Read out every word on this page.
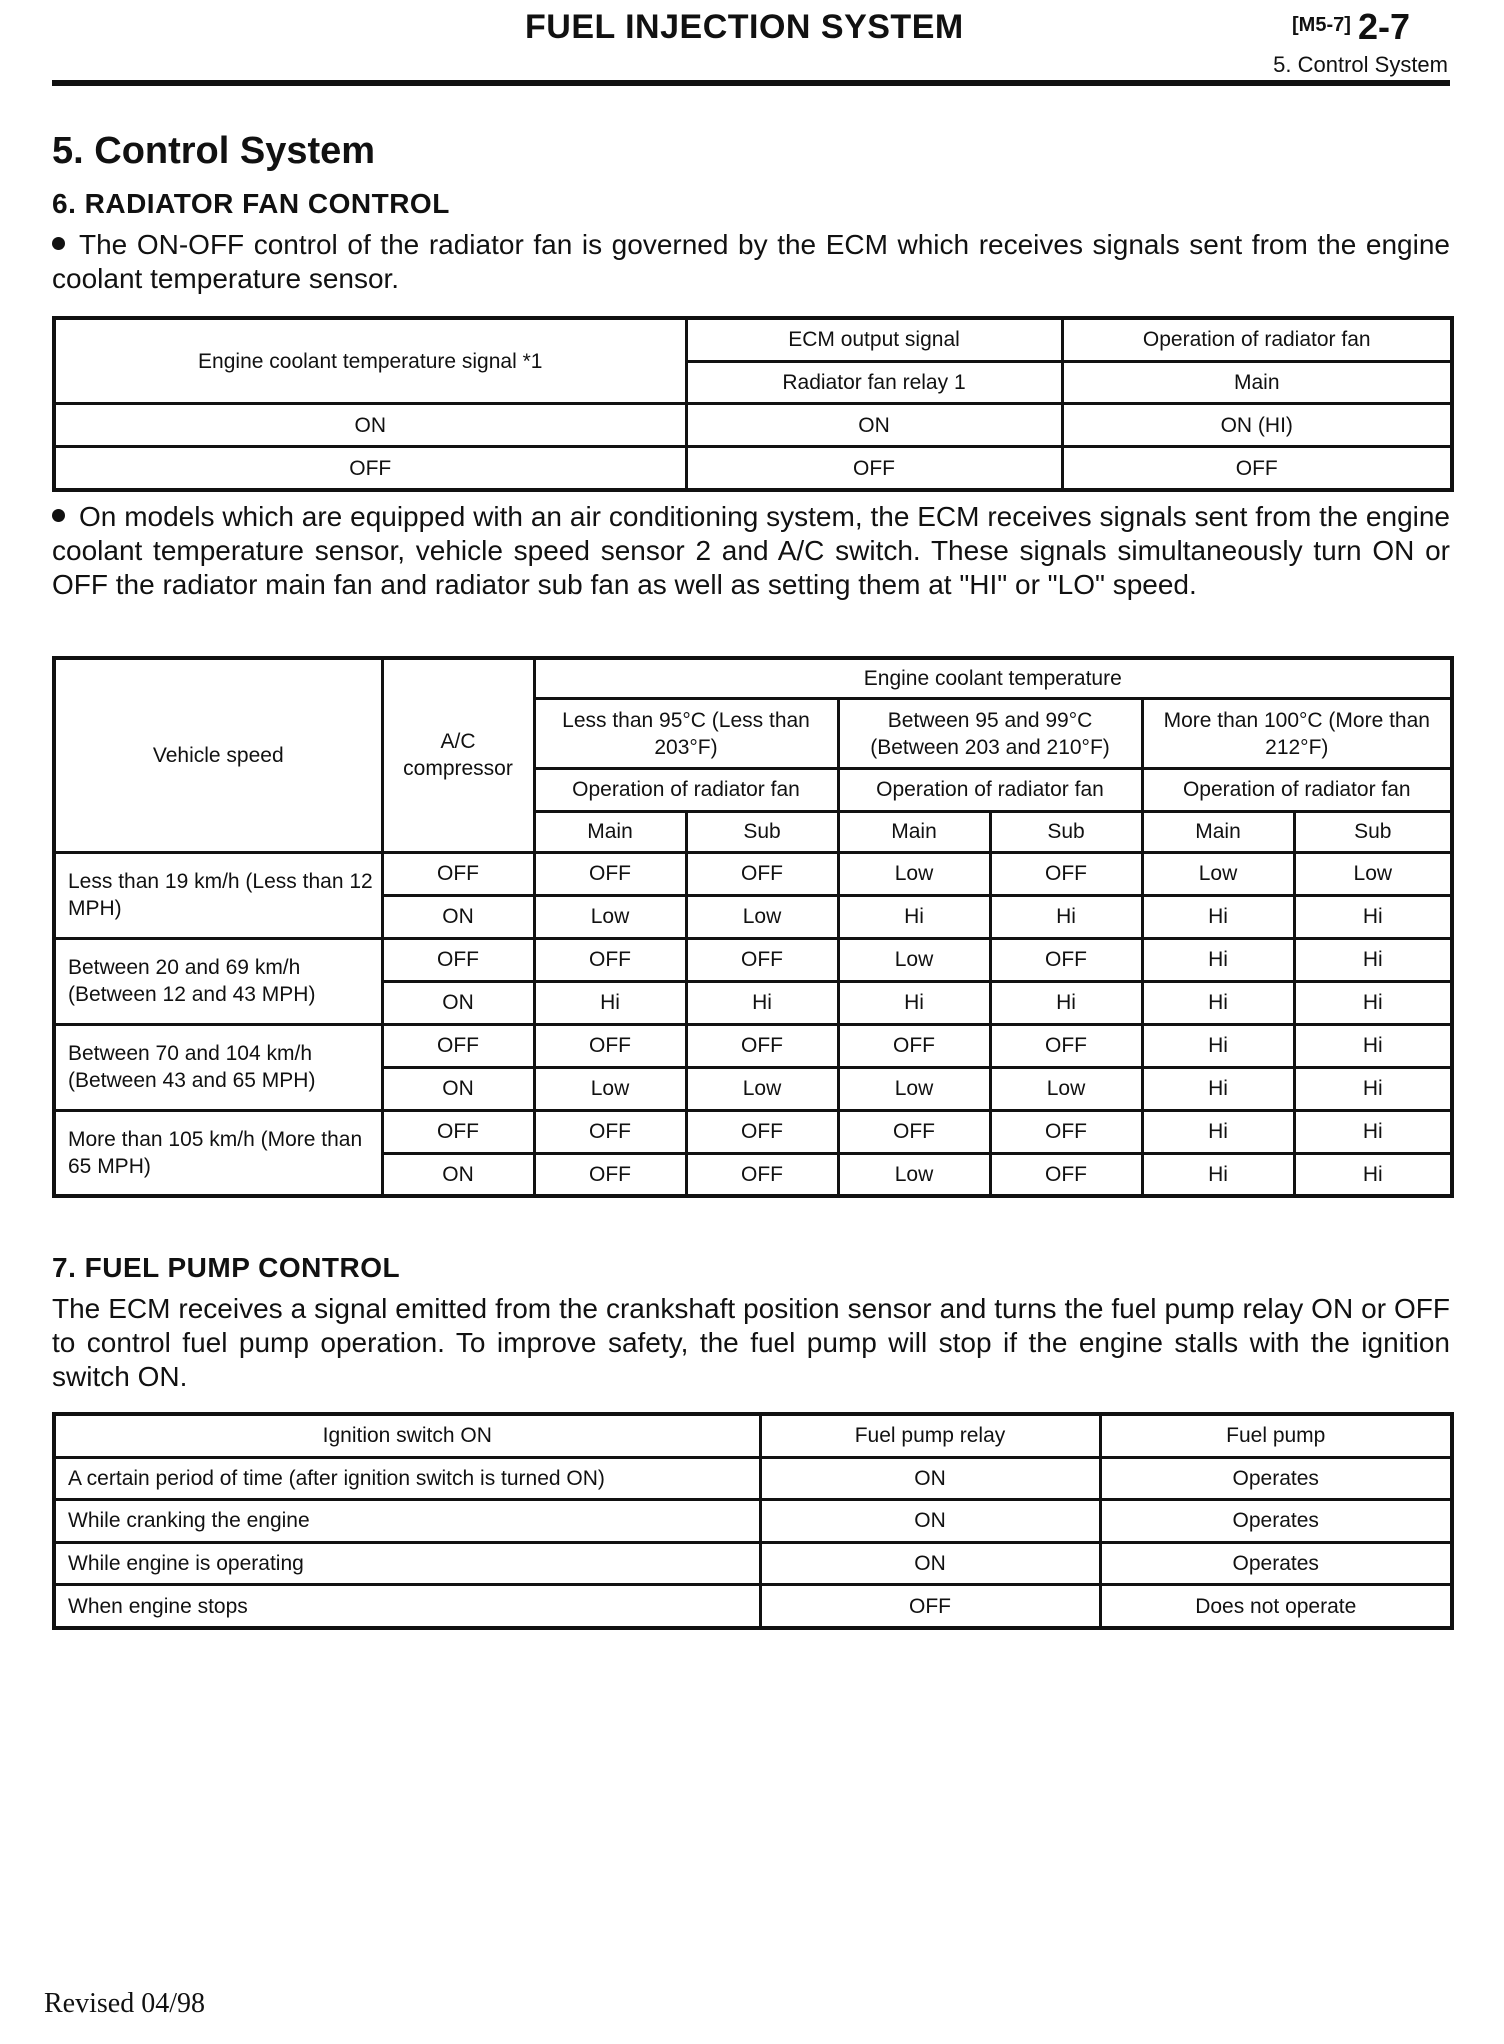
FUEL INJECTION SYSTEM	[M5-7] 2-7
5. Control System
5. Control System
6. RADIATOR FAN CONTROL
The ON-OFF control of the radiator fan is governed by the ECM which receives signals sent from the engine coolant temperature sensor.
Engine coolant temperature signal *1	ECM output signal	Operation of radiator fan
	Radiator fan relay 1	Main
ON	ON	ON (HI)
OFF	OFF	OFF
On models which are equipped with an air conditioning system, the ECM receives signals sent from the engine coolant temperature sensor, vehicle speed sensor 2 and A/C switch. These signals simultaneously turn ON or OFF the radiator main fan and radiator sub fan as well as setting them at "HI" or "LO" speed.
Vehicle speed	A/C compressor	Engine coolant temperature					
		Less than 95°C (Less than 203°F)		Between 95 and 99°C (Between 203 and 210°F)		More than 100°C (More than 212°F)	
		Operation of radiator fan		Operation of radiator fan		Operation of radiator fan	
		Main	Sub	Main	Sub	Main	Sub
Less than 19 km/h (Less than 12 MPH)	OFF	OFF	OFF	Low	OFF	Low	Low
	ON	Low	Low	Hi	Hi	Hi	Hi
Between 20 and 69 km/h (Between 12 and 43 MPH)	OFF	OFF	OFF	Low	OFF	Hi	Hi
	ON	Hi	Hi	Hi	Hi	Hi	Hi
Between 70 and 104 km/h (Between 43 and 65 MPH)	OFF	OFF	OFF	OFF	OFF	Hi	Hi
	ON	Low	Low	Low	Low	Hi	Hi
More than 105 km/h (More than 65 MPH)	OFF	OFF	OFF	OFF	OFF	Hi	Hi
	ON	OFF	OFF	Low	OFF	Hi	Hi
7. FUEL PUMP CONTROL
The ECM receives a signal emitted from the crankshaft position sensor and turns the fuel pump relay ON or OFF to control fuel pump operation. To improve safety, the fuel pump will stop if the engine stalls with the ignition switch ON.
Ignition switch ON	Fuel pump relay	Fuel pump
A certain period of time (after ignition switch is turned ON)	ON	Operates
While cranking the engine	ON	Operates
While engine is operating	ON	Operates
When engine stops	OFF	Does not operate
Revised 04/98
